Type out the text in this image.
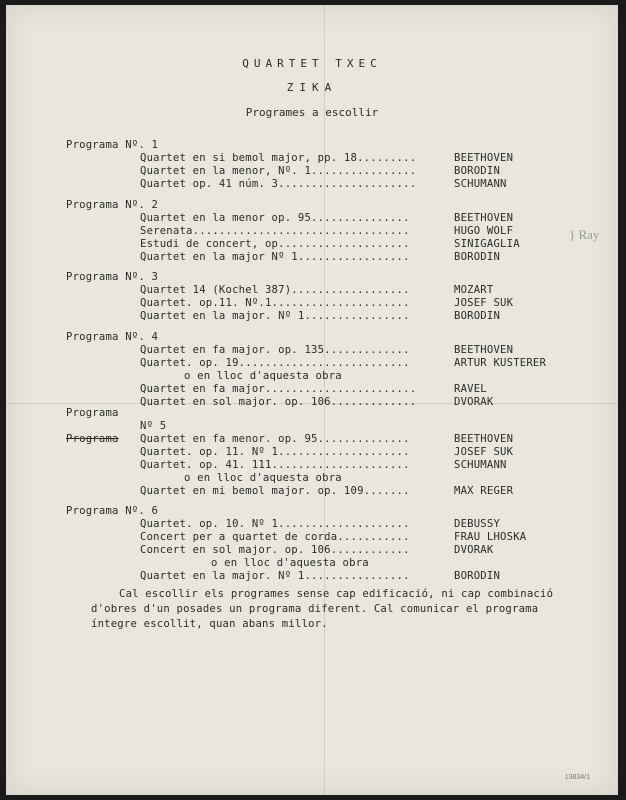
QUARTET TXEC
ZIKA
Programes a escollir
Programa Nº. 1
Quartet en si bemol major, pp. 18.........	BEETHOVEN
Quartet en la menor, Nº. 1................	BORODIN
Quartet op. 41 núm. 3.....................	SCHUMANN
Programa Nº. 2
Quartet en la menor op. 95...............	BEETHOVEN
Serenata.................................	HUGO WOLF
Estudi de concert, op....................	SINIGAGLIA
Quartet en la major Nº 1.................	BORODIN
} Ray
Programa Nº. 3
Quartet 14 (Kochel 387)..................	MOZART
Quartet. op.11. Nº.1.....................	JOSEF SUK
Quartet en la major. Nº 1................	BORODIN
Programa Nº. 4
Quartet en fa major. op. 135.............	BEETHOVEN
Quartet. op. 19..........................	ARTUR KUSTERER
o en lloc d'aquesta obra
Quartet en fa major.......................	RAVEL
Quartet en sol major. op. 106.............	DVORAK
Programa
Nº 5
Programa Quartet en fa menor. op. 95..............	BEETHOVEN
Quartet. op. 11. Nº 1....................	JOSEF SUK
Quartet. op. 41. 111.....................	SCHUMANN
o en lloc d'aquesta obra
Quartet en mi bemol major. op. 109.......	MAX REGER
Programa Nº. 6
Quartet. op. 10. Nº 1....................	DEBUSSY
Concert per a quartet de corda...........	FRAU LHOSKA
Concert en sol major. op. 106............	DVORAK
o en lloc d'aquesta obra
Quartet en la major. Nº 1................	BORODIN
Cal escollir els programes sense cap edificació, ni cap combinació d'obres d'un posades un programa diferent. Cal comunicar el programa íntegre escollit, quan abans millor.
13834/1
